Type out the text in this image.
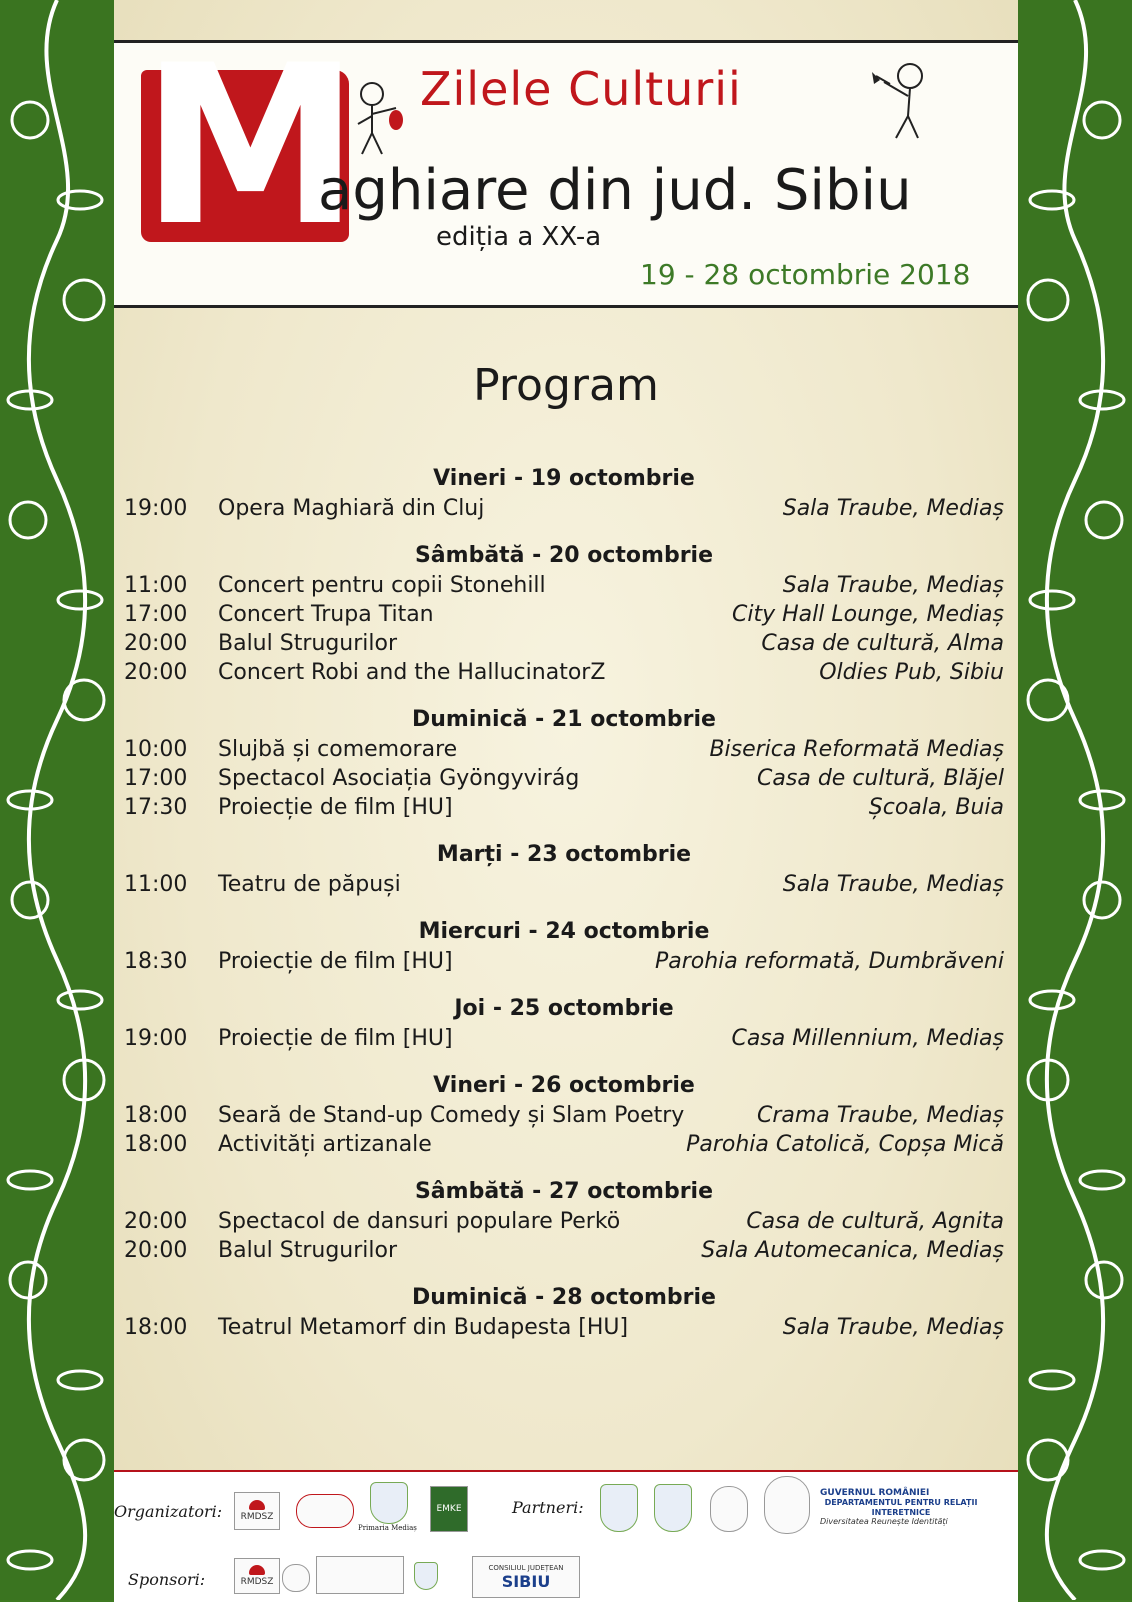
M Zilele Culturii
aghiare din jud. Sibiu
ediția a XX-a
19 - 28 octombrie 2018
Program
Vineri - 19 octombrie
19:00	Opera Maghiară din Cluj	Sala Traube, Mediaș
Sâmbătă - 20 octombrie
11:00	Concert pentru copii Stonehill	Sala Traube, Mediaș
17:00	Concert Trupa Titan	City Hall Lounge, Mediaș
20:00	Balul Strugurilor	Casa de cultură, Alma
20:00	Concert Robi and the HallucinatorZ	Oldies Pub, Sibiu
Duminică - 21 octombrie
10:00	Slujbă și comemorare	Biserica Reformată Mediaș
17:00	Spectacol Asociația Gyöngyvirág	Casa de cultură, Blăjel
17:30	Proiecție de film [HU]	Școala, Buia
Marți - 23 octombrie
11:00	Teatru de păpuși	Sala Traube, Mediaș
Miercuri - 24 octombrie
18:30	Proiecție de film [HU]	Parohia reformată, Dumbrăveni
Joi - 25 octombrie
19:00	Proiecție de film [HU]	Casa Millennium, Mediaș
Vineri - 26 octombrie
18:00	Seară de Stand-up Comedy și Slam Poetry	Crama Traube, Mediaș
18:00	Activități artizanale	Parohia Catolică, Copșa Mică
Sâmbătă - 27 octombrie
20:00	Spectacol de dansuri populare Perkö	Casa de cultură, Agnita
20:00	Balul Strugurilor	Sala Automecanica, Mediaș
Duminică - 28 octombrie
18:00	Teatrul Metamorf din Budapesta [HU]	Sala Traube, Mediaș
Organizatori:
Sponsori:
Partneri:
RMDSZ
Primaria Mediaș
EMKE
RMDSZ
CONSILIUL JUDEȚEAN
SIBIU
GUVERNUL ROMÂNIEI
DEPARTAMENTUL PENTRU RELAȚII INTERETNICE
Diversitatea Reunește Identități
